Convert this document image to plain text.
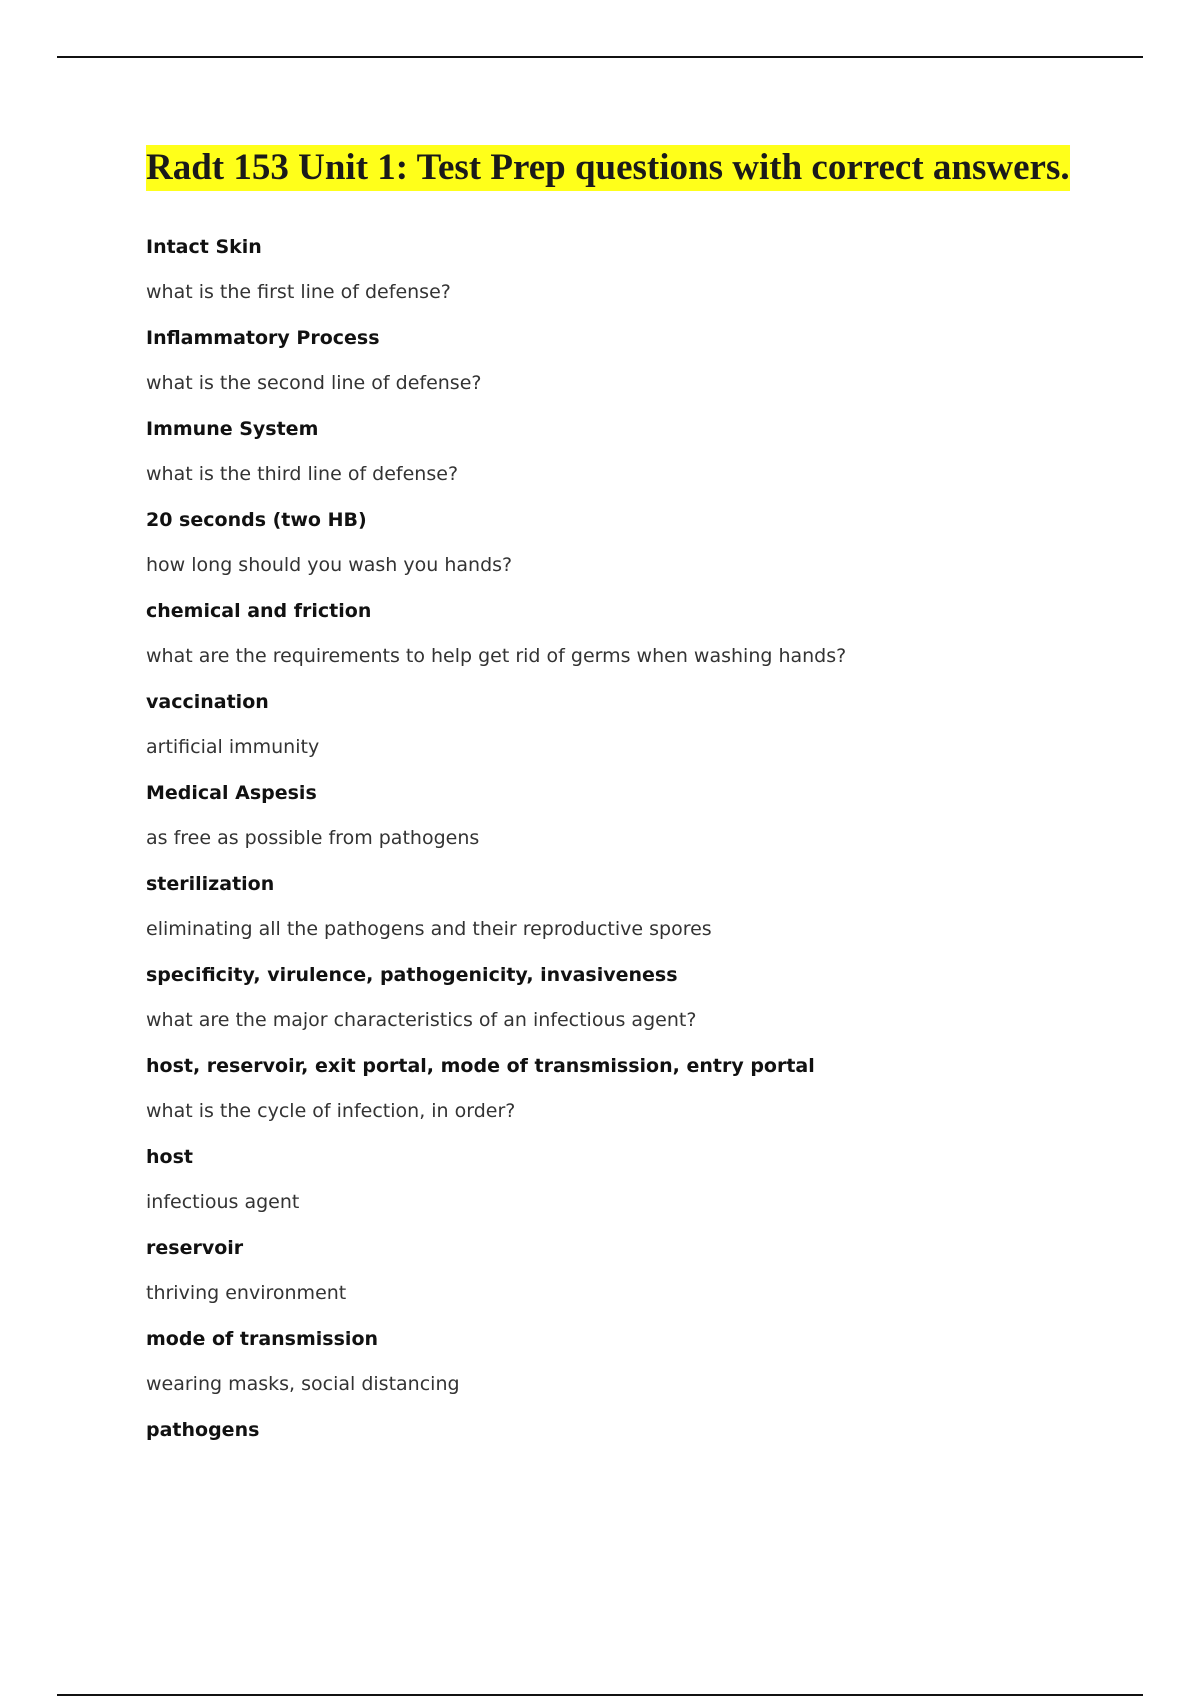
Radt 153 Unit 1: Test Prep questions with correct answers.
Intact Skin
what is the first line of defense?
Inflammatory Process
what is the second line of defense?
Immune System
what is the third line of defense?
20 seconds (two HB)
how long should you wash you hands?
chemical and friction
what are the requirements to help get rid of germs when washing hands?
vaccination
artificial immunity
Medical Aspesis
as free as possible from pathogens
sterilization
eliminating all the pathogens and their reproductive spores
specificity, virulence, pathogenicity, invasiveness
what are the major characteristics of an infectious agent?
host, reservoir, exit portal, mode of transmission, entry portal
what is the cycle of infection, in order?
host
infectious agent
reservoir
thriving environment
mode of transmission
wearing masks, social distancing
pathogens
